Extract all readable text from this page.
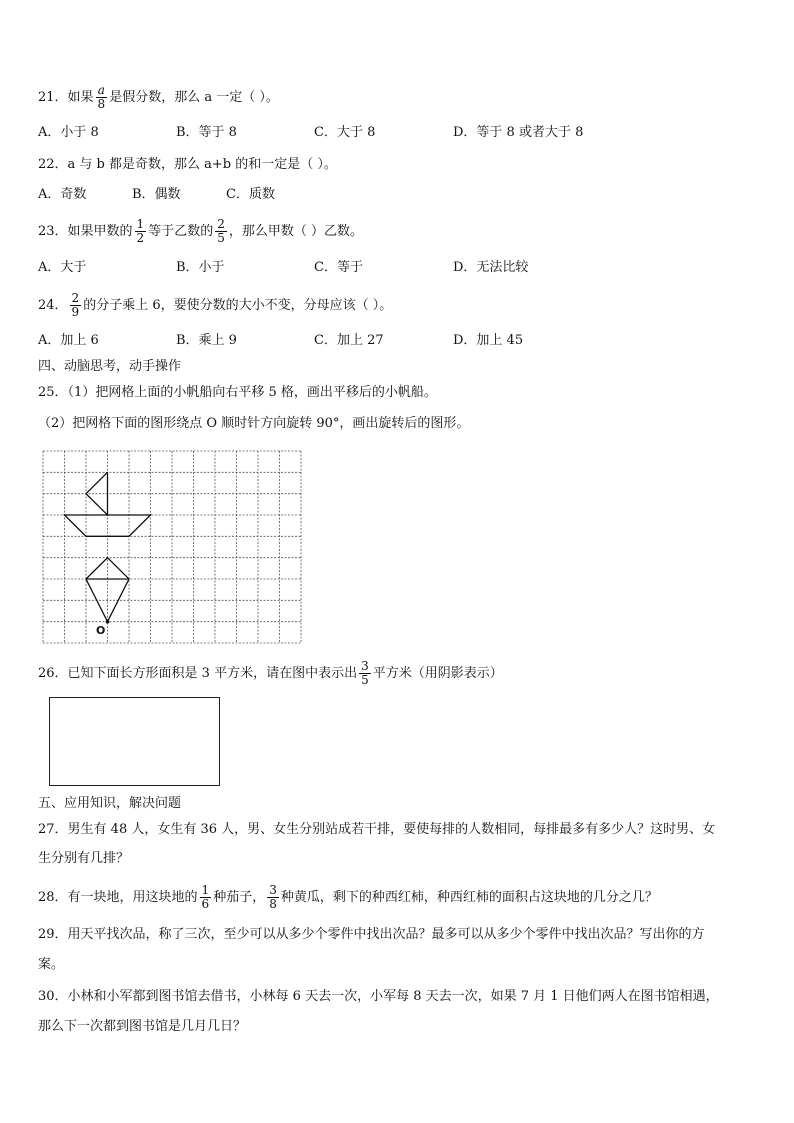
21．如果 $\frac{a}{8}$ 是假分数，那么 a 一定（ ）。
A．小于 8	B．等于 8	C．大于 8	D．等于 8 或者大于 8
22．a 与 b 都是奇数，那么 a+b 的和一定是（ ）。
A．奇数	B．偶数	C．质数
23．如果甲数的 $\frac{1}{2}$ 等于乙数的 $\frac{2}{5}$ ，那么甲数（ ）乙数。
A．大于	B．小于	C．等于	D．无法比较
24． $\frac{2}{9}$ 的分子乘上 6，要使分数的大小不变，分母应该（ ）。
A．加上 6	B．乘上 9	C．加上 27	D．加上 45
四、动脑思考，动手操作
25．（1）把网格上面的小帆船向右平移 5 格，画出平移后的小帆船。
（2）把网格下面的图形绕点 O 顺时针方向旋转 90°，画出旋转后的图形。
O
26．已知下面长方形面积是 3 平方米，请在图中表示出 $\frac{3}{5}$ 平方米（用阴影表示）
五、应用知识，解决问题
27．男生有 48 人，女生有 36 人，男、女生分别站成若干排，要使每排的人数相同，每排最多有多少人？这时男、女
生分别有几排？
28．有一块地，用这块地的 $\frac{1}{6}$ 种茄子， $\frac{3}{8}$ 种黄瓜，剩下的种西红柿，种西红柿的面积占这块地的几分之几？
29．用天平找次品，称了三次，至少可以从多少个零件中找出次品？最多可以从多少个零件中找出次品？写出你的方
案。
30．小林和小军都到图书馆去借书，小林每 6 天去一次，小军每 8 天去一次，如果 7 月 1 日他们两人在图书馆相遇，
那么下一次都到图书馆是几月几日？
